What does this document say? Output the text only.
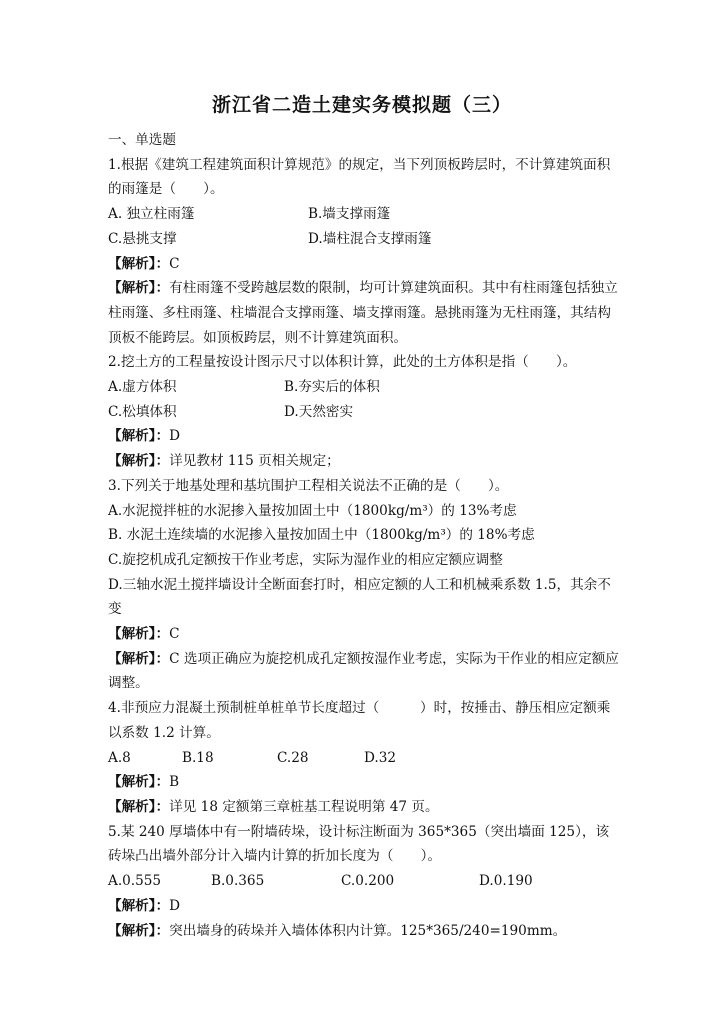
浙江省二造土建实务模拟题（三）
一、单选题
1.根据《建筑工程建筑面积计算规范》的规定，当下列顶板跨层时，不计算建筑面积的雨篷是（　　）。
A. 独立柱雨篷	B.墙支撑雨篷
C.悬挑支撑	D.墙柱混合支撑雨篷
【解析】：C
【解析】：有柱雨篷不受跨越层数的限制，均可计算建筑面积。其中有柱雨篷包括独立柱雨篷、多柱雨篷、柱墙混合支撑雨篷、墙支撑雨篷。悬挑雨篷为无柱雨篷，其结构顶板不能跨层。如顶板跨层，则不计算建筑面积。
2.挖土方的工程量按设计图示尺寸以体积计算，此处的土方体积是指（　　）。
A.虚方体积	B.夯实后的体积
C.松填体积	D.天然密实
【解析】：D
【解析】：详见教材 115 页相关规定；
3.下列关于地基处理和基坑围护工程相关说法不正确的是（　　）。
A.水泥搅拌桩的水泥掺入量按加固土中（1800kg/m³）的 13%考虑
B. 水泥土连续墙的水泥掺入量按加固土中（1800kg/m³）的 18%考虑
C.旋挖机成孔定额按干作业考虑，实际为湿作业的相应定额应调整
D.三轴水泥土搅拌墙设计全断面套打时，相应定额的人工和机械乘系数 1.5，其余不变
【解析】：C
【解析】：C 选项正确应为旋挖机成孔定额按湿作业考虑，实际为干作业的相应定额应调整。
4.非预应力混凝土预制桩单桩单节长度超过（　　　）时，按捶击、静压相应定额乘以系数 1.2 计算。
A.8	B.18	C.28	D.32
【解析】：B
【解析】：详见 18 定额第三章桩基工程说明第 47 页。
5.某 240 厚墙体中有一附墙砖垛，设计标注断面为 365*365（突出墙面 125），该砖垛凸出墙外部分计入墙内计算的折加长度为（　　）。
A.0.555	B.0.365	C.0.200	D.0.190
【解析】：D
【解析】：突出墙身的砖垛并入墙体体积内计算。125*365/240=190mm。
